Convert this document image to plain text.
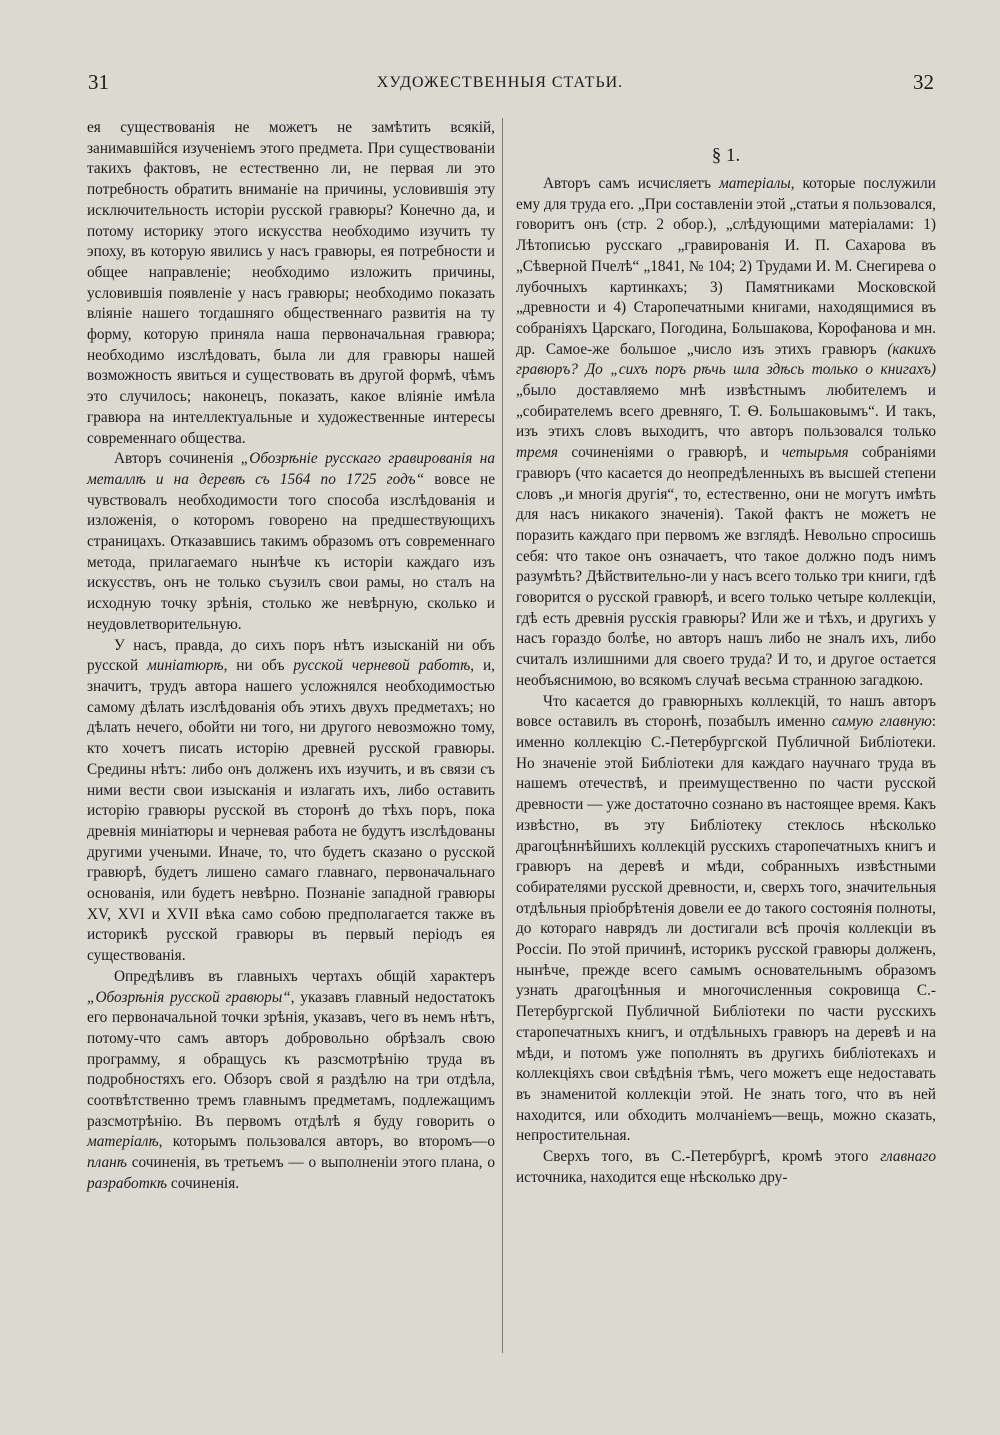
31	ХУДОЖЕСТВЕННЫЯ СТАТЬИ.	32

ея существованія не можетъ не замѣтить всякій, занимавшійся изученіемъ этого предмета. При существованіи такихъ фактовъ, не естественно ли, не первая ли это потребность обратить вниманіе на причины, условившія эту исключительность исторіи русской гравюры? Конечно да, и потому историку этого искусства необходимо изучить ту эпоху, въ которую явились у насъ гравюры, ея потребности и общее направленіе; необходимо изложить причины, условившія появленіе у насъ гравюры; необходимо показать вліяніе нашего тогдашняго общественнаго развитія на ту форму, которую приняла наша первоначальная гравюра; необходимо изслѣдовать, была ли для гравюры нашей возможность явиться и существовать въ другой формѣ, чѣмъ это случилось; наконецъ, показать, какое вліяніе имѣла гравюра на интеллектуальные и художественные интересы современнаго общества.

Авторъ сочиненія „Обозрѣніе русскаго гравированія на металлѣ и на деревѣ съ 1564 по 1725 годъ“ вовсе не чувствовалъ необходимости того способа изслѣдованія и изложенія, о которомъ говорено на предшествующихъ страницахъ. Отказавшись такимъ образомъ отъ современнаго метода, прилагаемаго нынѣче къ исторіи каждаго изъ искусствъ, онъ не только съузилъ свои рамы, но сталъ на исходную точку зрѣнія, столько же невѣрную, сколько и неудовлетворительную.

У насъ, правда, до сихъ поръ нѣтъ изысканій ни объ русской миніатюрѣ, ни объ русской черневой работѣ, и, значитъ, трудъ автора нашего усложнялся необходимостью самому дѣлать изслѣдованія объ этихъ двухъ предметахъ; но дѣлать нечего, обойти ни того, ни другого невозможно тому, кто хочетъ писать исторію древней русской гравюры. Средины нѣтъ: либо онъ долженъ ихъ изучить, и въ связи съ ними вести свои изысканія и излагать ихъ, либо оставить исторію гравюры русской въ сторонѣ до тѣхъ поръ, пока древнія миніатюры и черневая работа не будутъ изслѣдованы другими учеными. Иначе, то, что будетъ сказано о русской гравюрѣ, будетъ лишено самаго главнаго, первоначальнаго основанія, или будетъ невѣрно. Познаніе западной гравюры XV, XVI и XVII вѣка само собою предполагается также въ историкѣ русской гравюры въ первый періодъ ея существованія.

Опредѣливъ въ главныхъ чертахъ общій характеръ „Обозрѣнія русской гравюры“, указавъ главный недостатокъ его первоначальной точки зрѣнія, указавъ, чего въ немъ нѣтъ, потому-что самъ авторъ добровольно обрѣзалъ свою программу, я обращусь къ разсмотрѣнію труда въ подробностяхъ его. Обзоръ свой я раздѣлю на три отдѣла, соотвѣтственно тремъ главнымъ предметамъ, подлежащимъ разсмотрѣнію. Въ первомъ отдѣлѣ я буду говорить о матеріалѣ, которымъ пользовался авторъ, во второмъ—о планѣ сочиненія, въ третьемъ — о выполненіи этого плана, о разработкѣ сочиненія.

§ 1.

Авторъ самъ исчисляетъ матеріалы, которые послужили ему для труда его. „При составленіи этой „статьи я пользовался, говоритъ онъ (стр. 2 обор.), „слѣдующими матеріалами: 1) Лѣтописью русскаго „гравированія И. П. Сахарова въ „Сѣверной Пчелѣ“ „1841, № 104; 2) Трудами И. М. Снегирева о лубочныхъ картинкахъ; 3) Памятниками Московской „древности и 4) Старопечатными книгами, находящимися въ собраніяхъ Царскаго, Погодина, Большакова, Корофанова и мн. др. Самое-же большое „число изъ этихъ гравюръ (какихъ гравюръ? До „сихъ поръ рѣчь шла здѣсь только о книгахъ) „было доставляемо мнѣ извѣстнымъ любителемъ и „собирателемъ всего древняго, Т. Ѳ. Большаковымъ“. И такъ, изъ этихъ словъ выходитъ, что авторъ пользовался только тремя сочиненіями о гравюрѣ, и четырьмя собраніями гравюръ (что касается до неопредѣленныхъ въ высшей степени словъ „и многія другія“, то, естественно, они не могутъ имѣть для насъ никакого значенія). Такой фактъ не можетъ не поразить каждаго при первомъ же взглядѣ. Невольно спросишь себя: что такое онъ означаетъ, что такое должно подъ нимъ разумѣть? Дѣйствительно-ли у насъ всего только три книги, гдѣ говорится о русской гравюрѣ, и всего только четыре коллекціи, гдѣ есть древнія русскія гравюры? Или же и тѣхъ, и другихъ у насъ гораздо болѣе, но авторъ нашъ либо не зналъ ихъ, либо считалъ излишними для своего труда? И то, и другое остается необъяснимою, во всякомъ случаѣ весьма странною загадкою.

Что касается до гравюрныхъ коллекцій, то нашъ авторъ вовсе оставилъ въ сторонѣ, позабылъ именно самую главную: именно коллекцію С.-Петербургской Публичной Библіотеки. Но значеніе этой Библіотеки для каждаго научнаго труда въ нашемъ отечествѣ, и преимущественно по части русской древности — уже достаточно сознано въ настоящее время. Какъ извѣстно, въ эту Библіотеку стеклось нѣсколько драгоцѣннѣйшихъ коллекцій русскихъ старопечатныхъ книгъ и гравюръ на деревѣ и мѣди, собранныхъ извѣстными собирателями русской древности, и, сверхъ того, значительныя отдѣльныя пріобрѣтенія довели ее до такого состоянія полноты, до котораго наврядъ ли достигали всѣ прочія коллекціи въ Россіи. По этой причинѣ, историкъ русской гравюры долженъ, нынѣче, прежде всего самымъ основательнымъ образомъ узнать драгоцѣнныя и многочисленныя сокровища С.-Петербургской Публичной Библіотеки по части русскихъ старопечатныхъ книгъ, и отдѣльныхъ гравюръ на деревѣ и на мѣди, и потомъ уже пополнять въ другихъ библіотекахъ и коллекціяхъ свои свѣдѣнія тѣмъ, чего можетъ еще недоставать въ знаменитой коллекціи этой. Не знать того, что въ ней находится, или обходить молчаніемъ—вещь, можно сказать, непростительная.

Сверхъ того, въ С.-Петербургѣ, кромѣ этого главнаго источника, находится еще нѣсколько дру-
